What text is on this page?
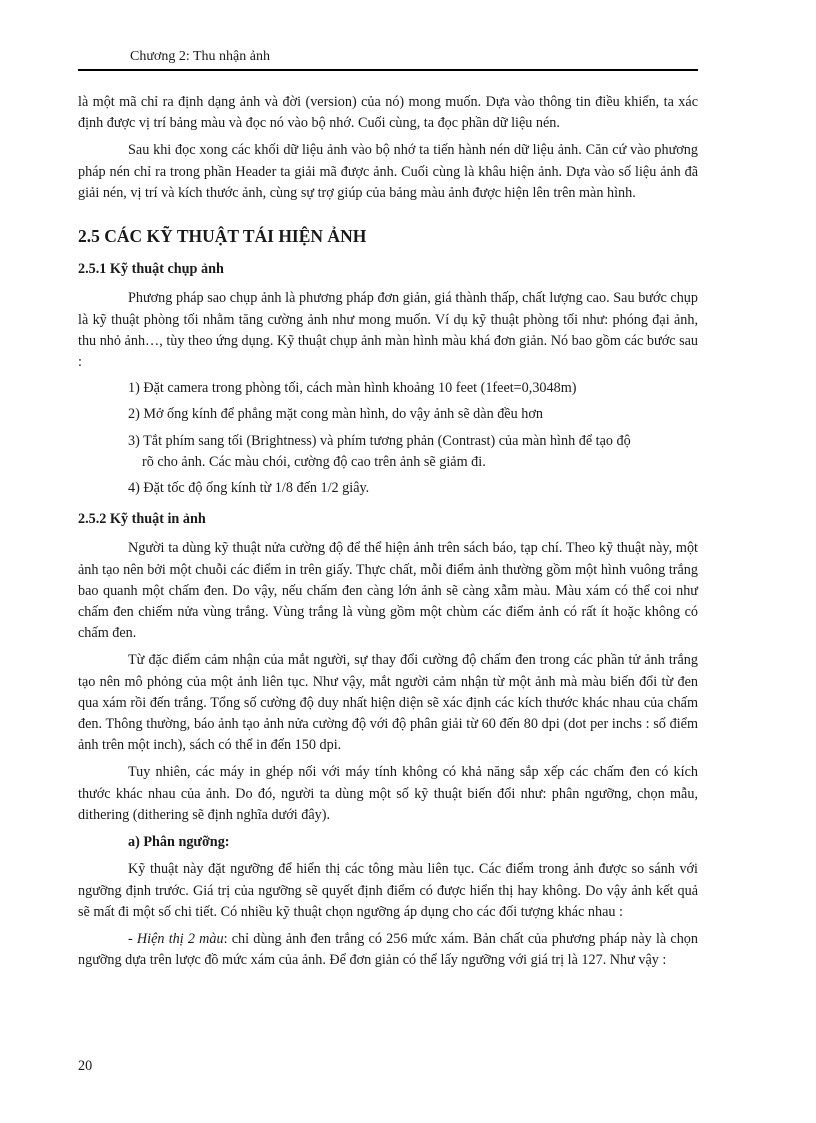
Chương 2: Thu nhận ảnh

là một mã chỉ ra định dạng ảnh và đời (version) của nó) mong muốn. Dựa vào thông tin điều khiển, ta xác định được vị trí bảng màu và đọc nó vào bộ nhớ. Cuối cùng, ta đọc phần dữ liệu nén.

Sau khi đọc xong các khối dữ liệu ảnh vào bộ nhớ ta tiến hành nén dữ liệu ảnh. Căn cứ vào phương pháp nén chỉ ra trong phần Header ta giải mã được ảnh. Cuối cùng là khâu hiện ảnh. Dựa vào số liệu ảnh đã giải nén, vị trí và kích thước ảnh, cùng sự trợ giúp của bảng màu ảnh được hiện lên trên màn hình.

2.5 CÁC KỸ THUẬT TÁI HIỆN ẢNH

2.5.1 Kỹ thuật chụp ảnh

Phương pháp sao chụp ảnh là phương pháp đơn giản, giá thành thấp, chất lượng cao. Sau bước chụp là kỹ thuật phòng tối nhằm tăng cường ảnh như mong muốn. Ví dụ kỹ thuật phòng tối như: phóng đại ảnh, thu nhỏ ảnh…, tùy theo ứng dụng. Kỹ thuật chụp ảnh màn hình màu khá đơn giản. Nó bao gồm các bước sau :

1) Đặt camera trong phòng tối, cách màn hình khoảng 10 feet (1feet=0,3048m)

2) Mở ống kính để phẳng mặt cong màn hình, do vậy ảnh sẽ dàn đều hơn

3) Tắt phím sang tối (Brightness) và phím tương phản (Contrast) của màn hình để tạo độ
rõ cho ảnh. Các màu chói, cường độ cao trên ảnh sẽ giảm đi.

4) Đặt tốc độ ống kính từ 1/8 đến 1/2 giây.

2.5.2 Kỹ thuật in ảnh

Người ta dùng kỹ thuật nửa cường độ để thể hiện ảnh trên sách báo, tạp chí. Theo kỹ thuật này, một ảnh tạo nên bởi một chuỗi các điểm in trên giấy. Thực chất, mỗi điểm ảnh thường gồm một hình vuông trắng bao quanh một chấm đen. Do vậy, nếu chấm đen càng lớn ảnh sẽ càng xẫm màu. Màu xám có thể coi như chấm đen chiếm nửa vùng trắng. Vùng trắng là vùng gồm một chùm các điểm ảnh có rất ít hoặc không có chấm đen.

Từ đặc điểm cảm nhận của mắt người, sự thay đổi cường độ chấm đen trong các phần tử ảnh trắng tạo nên mô phỏng của một ảnh liên tục. Như vậy, mắt người cảm nhận từ một ảnh mà màu biến đổi từ đen qua xám rồi đến trắng. Tổng số cường độ duy nhất hiện diện sẽ xác định các kích thước khác nhau của chấm đen. Thông thường, báo ảnh tạo ảnh nửa cường độ với độ phân giải từ 60 đến 80 dpi (dot per inchs : số điểm ảnh trên một inch), sách có thể in đến 150 dpi.

Tuy nhiên, các máy in ghép nối với máy tính không có khả năng sắp xếp các chấm đen có kích thước khác nhau của ảnh. Do đó, người ta dùng một số kỹ thuật biến đổi như: phân ngưỡng, chọn mẫu, dithering (dithering sẽ định nghĩa dưới đây).

a) Phân ngưỡng:

Kỹ thuật này đặt ngưỡng để hiển thị các tông màu liên tục. Các điểm trong ảnh được so sánh với ngưỡng định trước. Giá trị của ngưỡng sẽ quyết định điểm có được hiển thị hay không. Do vậy ảnh kết quả sẽ mất đi một số chi tiết. Có nhiều kỹ thuật chọn ngưỡng áp dụng cho các đối tượng khác nhau :

- Hiện thị 2 màu: chỉ dùng ảnh đen trắng có 256 mức xám. Bản chất của phương pháp này là chọn ngưỡng dựa trên lược đồ mức xám của ảnh. Để đơn giản có thể lấy ngưỡng với giá trị là 127. Như vậy :

20
